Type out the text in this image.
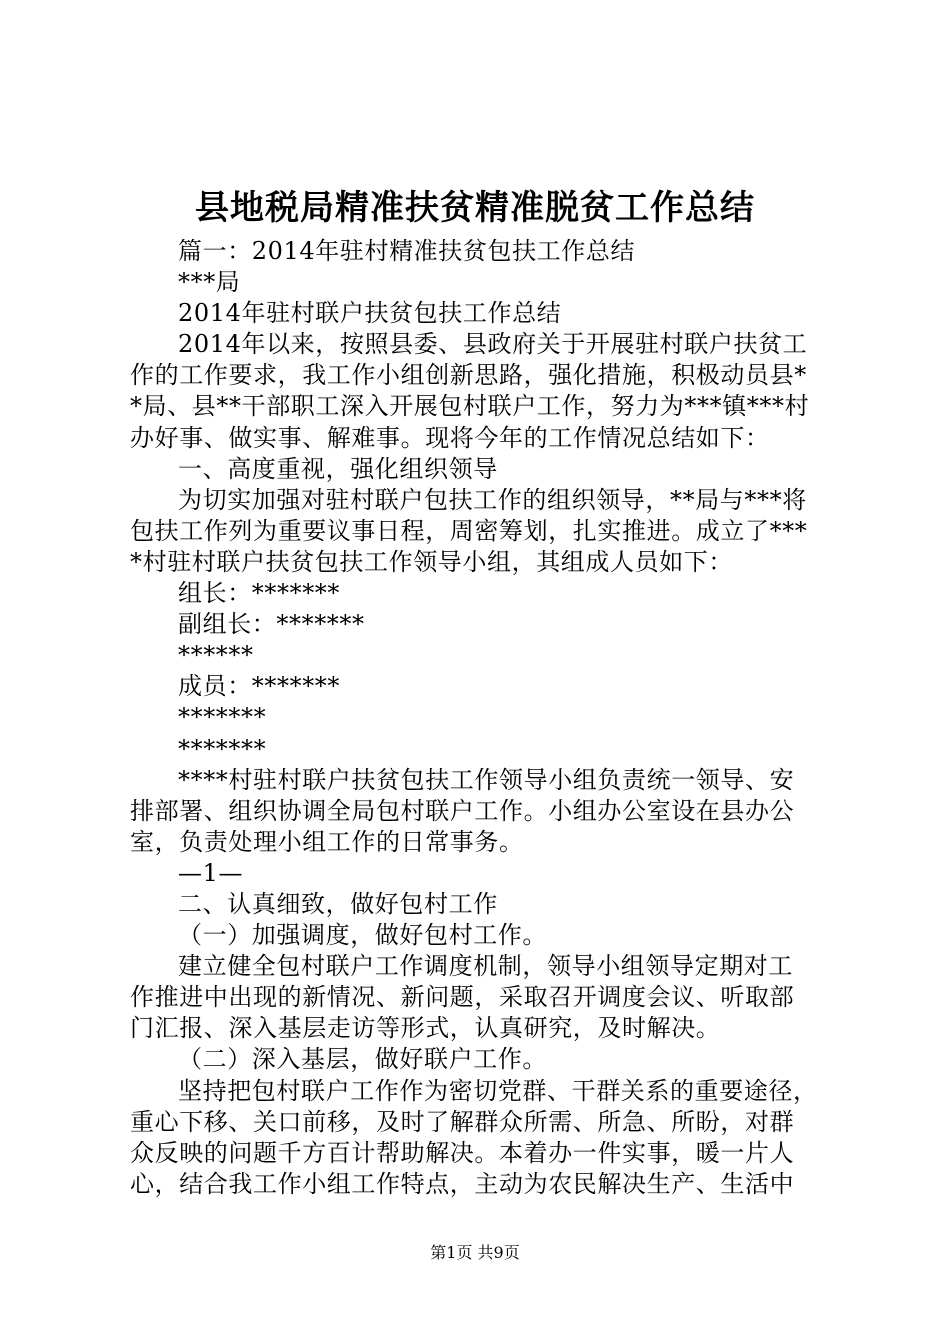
县地税局精准扶贫精准脱贫工作总结
篇一：2014年驻村精准扶贫包扶工作总结
***局
2014年驻村联户扶贫包扶工作总结
2014年以来，按照县委、县政府关于开展驻村联户扶贫工
作的工作要求，我工作小组创新思路，强化措施，积极动员县*
*局、县**干部职工深入开展包村联户工作，努力为***镇***村
办好事、做实事、解难事。现将今年的工作情况总结如下：
一、高度重视，强化组织领导
为切实加强对驻村联户包扶工作的组织领导，**局与***将
包扶工作列为重要议事日程，周密筹划，扎实推进。成立了***
*村驻村联户扶贫包扶工作领导小组，其组成人员如下：
组长：*******
副组长：*******
******
成员：*******
*******
*******
****村驻村联户扶贫包扶工作领导小组负责统一领导、安
排部署、组织协调全局包村联户工作。小组办公室设在县办公
室，负责处理小组工作的日常事务。
—1—
二、认真细致，做好包村工作
（一）加强调度，做好包村工作。
建立健全包村联户工作调度机制，领导小组领导定期对工
作推进中出现的新情况、新问题，采取召开调度会议、听取部
门汇报、深入基层走访等形式，认真研究，及时解决。
（二）深入基层，做好联户工作。
坚持把包村联户工作作为密切党群、干群关系的重要途径，
重心下移、关口前移，及时了解群众所需、所急、所盼，对群
众反映的问题千方百计帮助解决。本着办一件实事，暖一片人
心，结合我工作小组工作特点，主动为农民解决生产、生活中
第1页 共9页
